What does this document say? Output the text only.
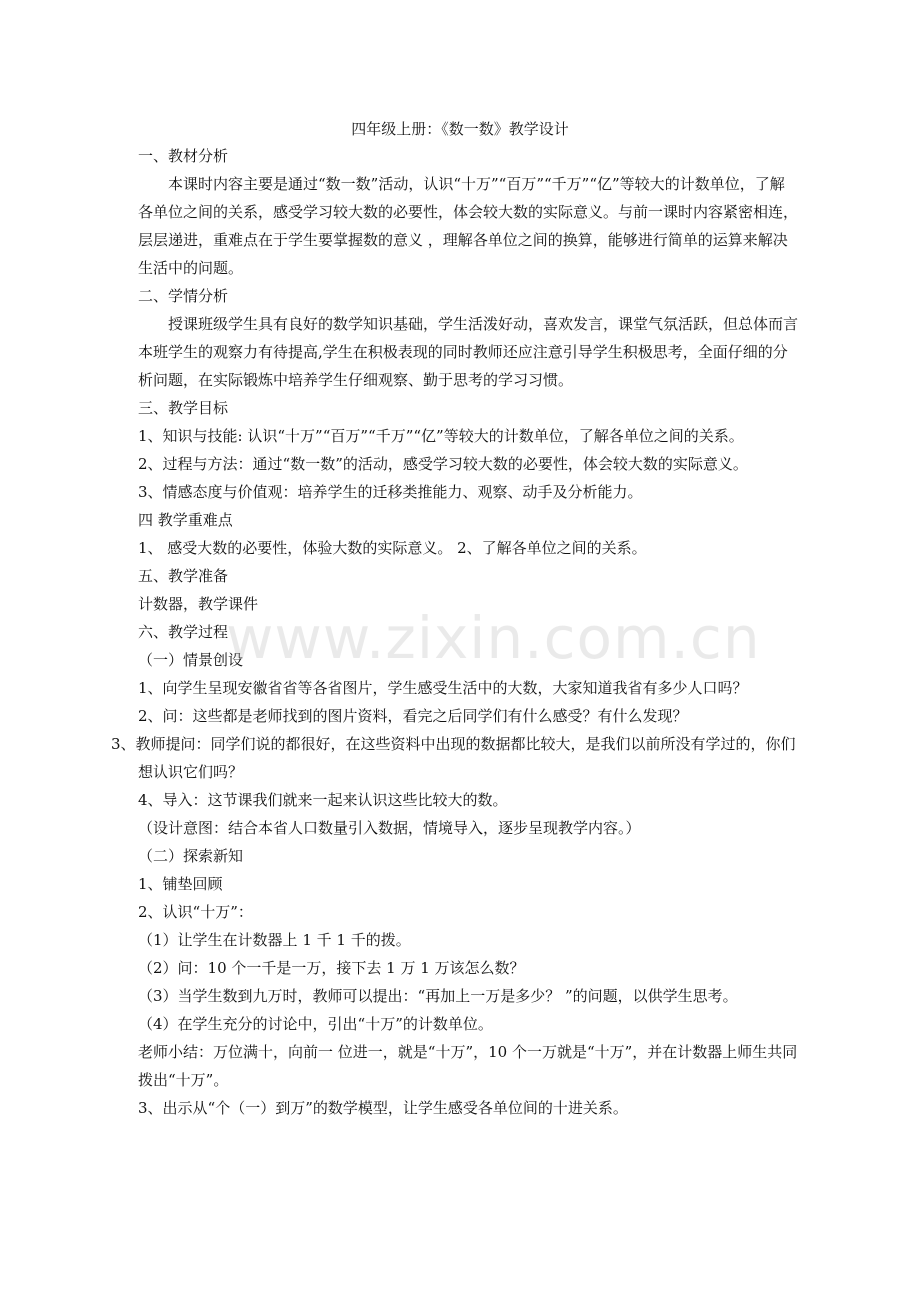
四年级上册：《数一数》教学设计

一、教材分析

本课时内容主要是通过“数一数”活动，认识“十万”“百万”“千万”“亿”等较大的计数单位，了解各单位之间的关系，感受学习较大数的必要性，体会较大数的实际意义。与前一课时内容紧密相连，层层递进，重难点在于学生要掌握数的意义 ，理解各单位之间的换算，能够进行简单的运算来解决生活中的问题。

二、学情分析

授课班级学生具有良好的数学知识基础，学生活泼好动，喜欢发言，课堂气氛活跃，但总体而言本班学生的观察力有待提高,学生在积极表现的同时教师还应注意引导学生积极思考，全面仔细的分析问题，在实际锻炼中培养学生仔细观察、勤于思考的学习习惯。

三、教学目标

1、知识与技能: 认识“十万”“百万”“千万”“亿”等较大的计数单位，了解各单位之间的关系。

2、过程与方法：通过“数一数”的活动，感受学习较大数的必要性，体会较大数的实际意义。

3、情感态度与价值观：培养学生的迁移类推能力、观察、动手及分析能力。

四 教学重难点

1、 感受大数的必要性，体验大数的实际意义。 2、了解各单位之间的关系。

五、教学准备

计数器，教学课件

六、教学过程

（一）情景创设

1、向学生呈现安徽省省等各省图片，学生感受生活中的大数，大家知道我省有多少人口吗？

2、问：这些都是老师找到的图片资料，看完之后同学们有什么感受？有什么发现？

3、教师提问：同学们说的都很好，在这些资料中出现的数据都比较大，是我们以前所没有学过的，你们想认识它们吗？

4、导入：这节课我们就来一起来认识这些比较大的数。

（设计意图：结合本省人口数量引入数据，情境导入，逐步呈现教学内容。）

（二）探索新知

1、铺垫回顾

2、认识“十万”：

（1）让学生在计数器上 1 千 1 千的拨。

（2）问：10 个一千是一万，接下去 1 万 1 万该怎么数？

（3）当学生数到九万时，教师可以提出：“再加上一万是多少？ ”的问题，以供学生思考。

（4）在学生充分的讨论中，引出“十万”的计数单位。

老师小结：万位满十，向前一 位进一，就是“十万”，10 个一万就是“十万”，并在计数器上师生共同拨出“十万”。

3、出示从“个（一）到万”的数学模型，让学生感受各单位间的十进关系。

www.zixin.com.cn
